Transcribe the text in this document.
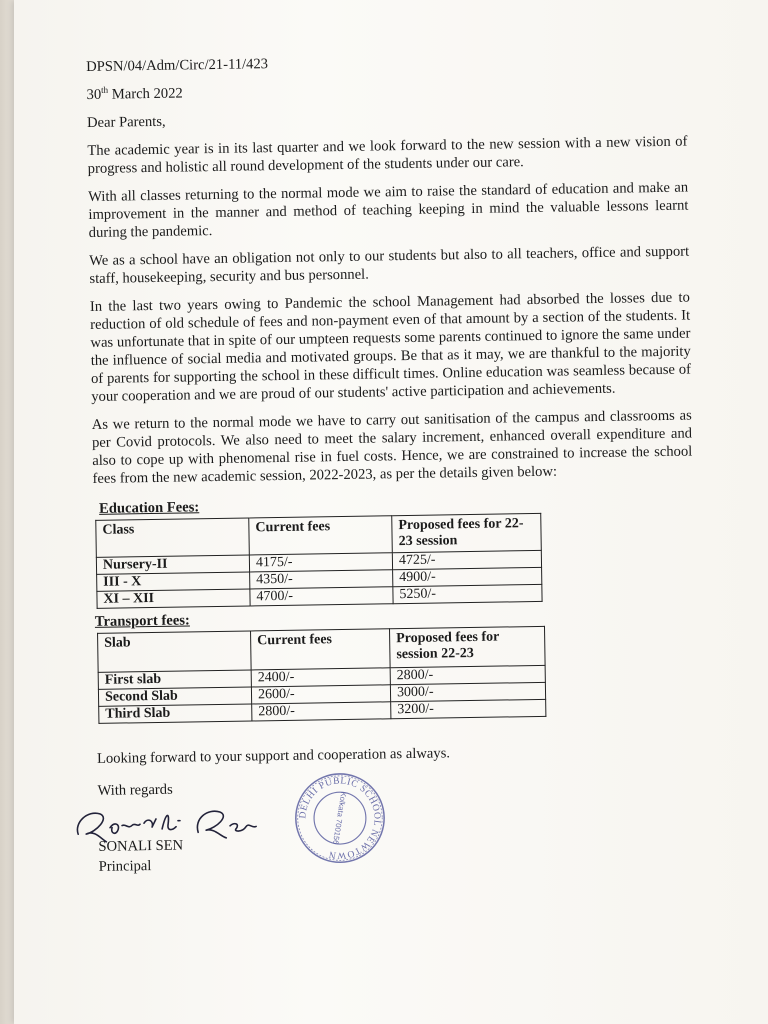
DPSN/04/Adm/Circ/21-11/423
30th March 2022
Dear Parents,

The academic year is in its last quarter and we look forward to the new session with a new vision of progress and holistic all round development of the students under our care.

With all classes returning to the normal mode we aim to raise the standard of education and make an improvement in the manner and method of teaching keeping in mind the valuable lessons learnt during the pandemic.

We as a school have an obligation not only to our students but also to all teachers, office and support staff, housekeeping, security and bus personnel.

In the last two years owing to Pandemic the school Management had absorbed the losses due to reduction of old schedule of fees and non-payment even of that amount by a section of the students. It was unfortunate that in spite of our umpteen requests some parents continued to ignore the same under the influence of social media and motivated groups. Be that as it may, we are thankful to the majority of parents for supporting the school in these difficult times. Online education was seamless because of your cooperation and we are proud of our students' active participation and achievements.

As we return to the normal mode we have to carry out sanitisation of the campus and classrooms as per Covid protocols. We also need to meet the salary increment, enhanced overall expenditure and also to cope up with phenomenal rise in fuel costs. Hence, we are constrained to increase the school fees from the new academic session, 2022-2023, as per the details given below:

Education Fees:
Class	Current fees	Proposed fees for 22-23 session
Nursery-II	4175/-	4725/-
III - X	4350/-	4900/-
XI – XII	4700/-	5250/-
Transport fees:
Slab	Current fees	Proposed fees for session 22-23
First slab	2400/-	2800/-
Second Slab	2600/-	3000/-
Third Slab	2800/-	3200/-
Looking forward to your support and cooperation as always.
With regards
SONALI SEN
Principal
DELHI PUBLIC SCHOOL NEWTOWN
Kolkata 700156
